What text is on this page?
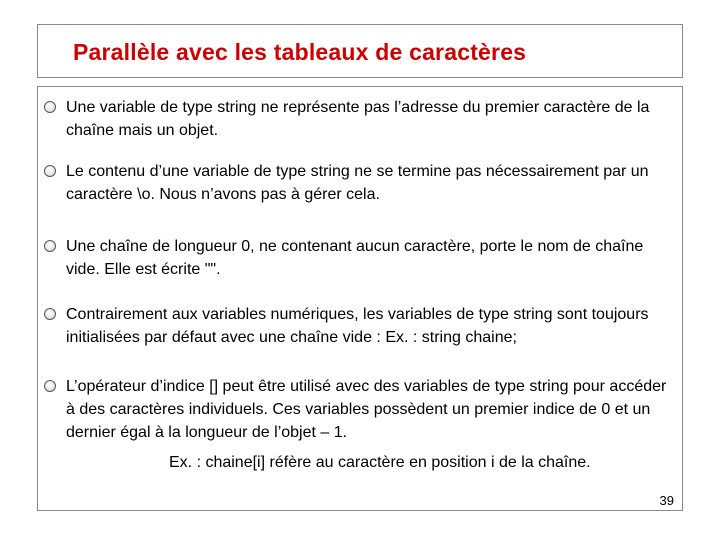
Parallèle avec les tableaux de caractères
Une variable de type string ne représente pas l’adresse du premier caractère de la chaîne mais un objet.
Le contenu d’une variable de type string ne se termine pas nécessairement par un caractère \o. Nous n’avons pas à gérer cela.
Une chaîne de longueur 0, ne contenant aucun caractère, porte le nom de chaîne vide. Elle est écrite "".
Contrairement aux variables numériques, les variables de type string sont toujours initialisées par défaut avec une chaîne vide : Ex. : string chaine;
L’opérateur d’indice [] peut être utilisé avec des variables de type string pour accéder à des caractères individuels. Ces variables possèdent un premier indice de 0 et un dernier égal à la longueur de l’objet – 1.
Ex. : chaine[i] réfère au caractère en position i de la chaîne.
39
